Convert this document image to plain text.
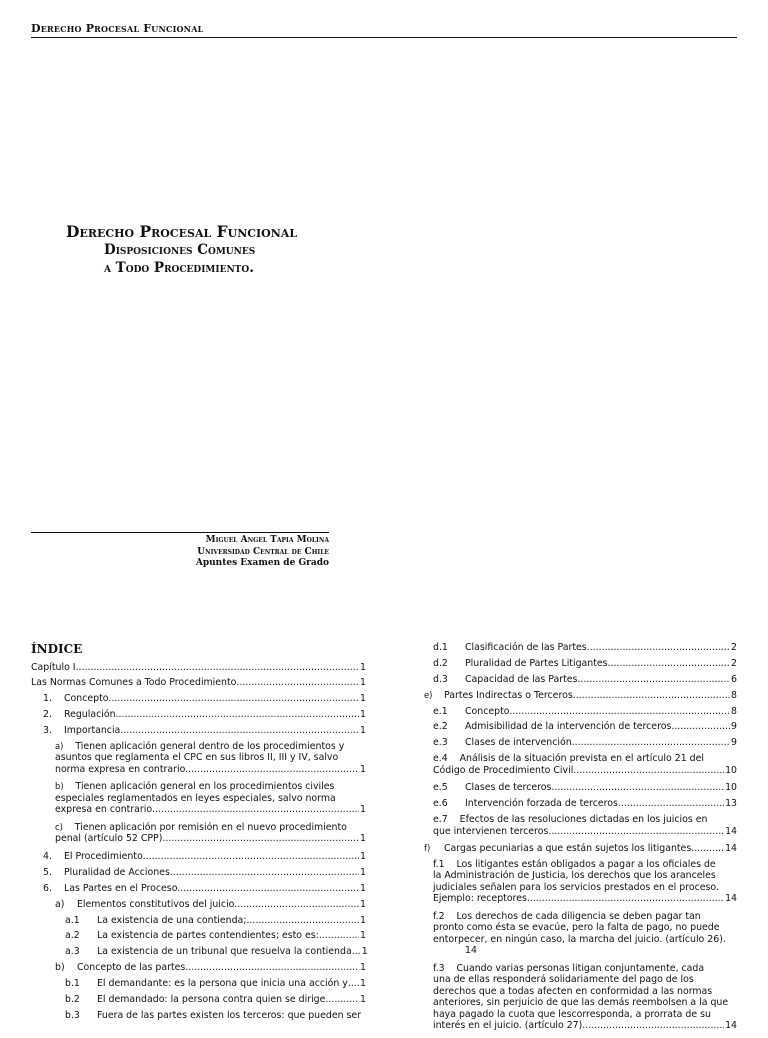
Derecho Procesal Funcional
Derecho Procesal Funcional
Disposiciones Comunes
a Todo Procedimiento.
Miguel Angel Tapia Molina
Universidad Central de Chile
Apuntes Examen de Grado
ÍNDICE
Capítulo I .....	1
Las Normas Comunes a Todo Procedimiento .....	1
1.	Concepto. .....	1
2.	Regulación .....	1
3.	Importancia .....	1
a) Tienen aplicación general dentro de los procedimientos y
asuntos que reglamenta el CPC en sus libros II, III y IV, salvo
norma expresa en contrario. .....	1
b) Tienen aplicación general en los procedimientos civiles
especiales reglamentados en leyes especiales, salvo norma
expresa en contrario. .....	1
c) Tienen aplicación por remisión en el nuevo procedimiento
penal (artículo 52 CPP) .....	1
4.	El Procedimiento .....	1
5.	Pluralidad de Acciones .....	1
6.	Las Partes en el Proceso. .....	1
a)	Elementos constitutivos del juicio. .....	1
a.1	La existencia de una contienda; .....	1
a.2	La existencia de partes contendientes; esto es: .....	1
a.3	La existencia de un tribunal que resuelva la contienda. ..... 1
b)	Concepto de las partes. .....	1
b.1	El demandante: es la persona que inicia una acción y ..... 1
b.2	El demandado: la persona contra quien se dirige .....	1
b.3	Fuera de las partes existen los terceros: que pueden ser
d.1	Clasificación de las Partes. .....	2
d.2	Pluralidad de Partes Litigantes. .....	2
d.3	Capacidad de las Partes .....	6
e)	Partes Indirectas o Terceros .....	8
e.1	Concepto. .....	8
e.2	Admisibilidad de la intervención de terceros. .....	9
e.3	Clases de intervención. .....	9
e.4 Análisis de la situación prevista en el artículo 21 del
Código de Procedimiento Civil. .....	10
e.5	Clases de terceros. .....	10
e.6	Intervención forzada de terceros .....	13
e.7 Efectos de las resoluciones dictadas en los juicios en
que intervienen terceros. .....	14
f)	Cargas pecuniarias a que están sujetos los litigantes. .....	14
f.1 Los litigantes están obligados a pagar a los oficiales de
la Administración de Justicia, los derechos que los aranceles
judiciales señalen para los servicios prestados en el proceso.
Ejemplo: receptores .....	14
f.2 Los derechos de cada diligencia se deben pagar tan
pronto como ésta se evacúe, pero la falta de pago, no puede
entorpecer, en ningún caso, la marcha del juicio. (artículo 26).
14
f.3 Cuando varias personas litigan conjuntamente, cada
una de ellas responderá solidariamente del pago de los
derechos que a todas afecten en conformidad a las normas
anteriores, sin perjuicio de que las demás reembolsen a la que
haya pagado la cuota que lescorresponda, a prorrata de su
interés en el juicio. (artículo 27) .....	14
